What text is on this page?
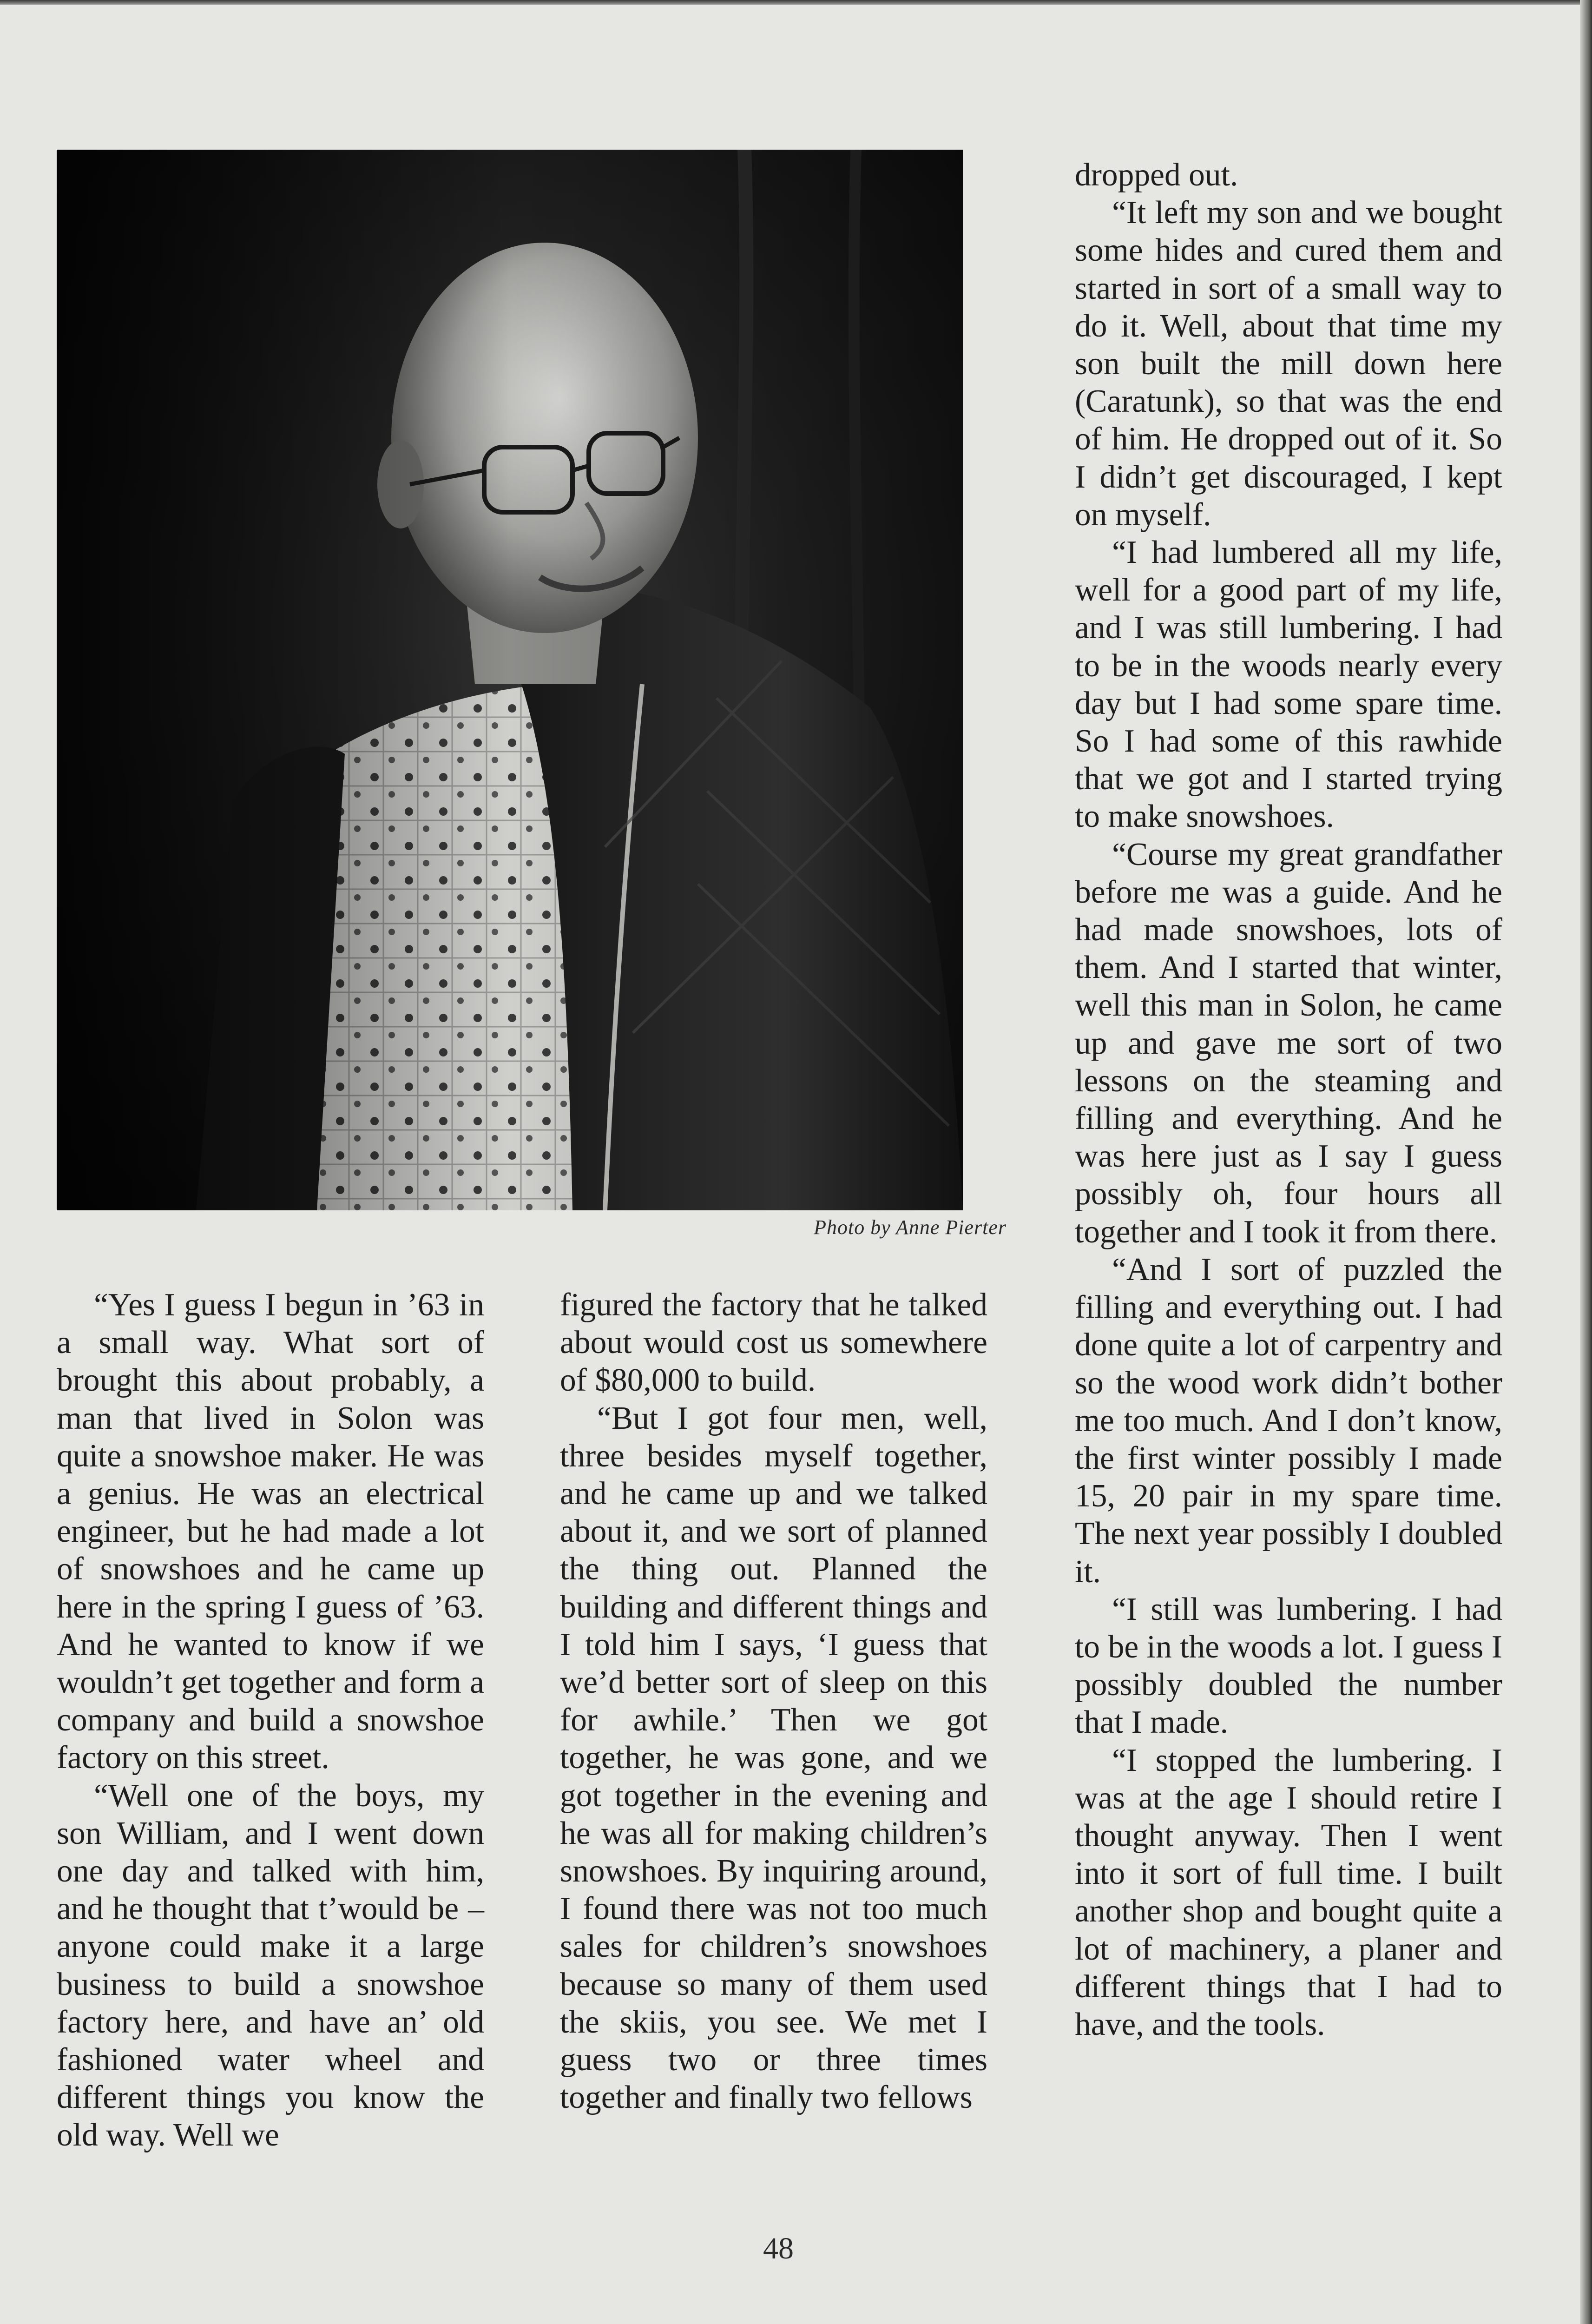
Photo by Anne Pierter

“Yes I guess I begun in ’63 in a small way. What sort of brought this about probably, a man that lived in Solon was quite a snowshoe maker. He was a genius. He was an electrical engineer, but he had made a lot of snowshoes and he came up here in the spring I guess of ’63. And he wanted to know if we wouldn’t get together and form a company and build a snowshoe factory on this street.

“Well one of the boys, my son William, and I went down one day and talked with him, and he thought that t’would be – anyone could make it a large business to build a snowshoe factory here, and have an’ old fashioned water wheel and different things you know the old way. Well we

figured the factory that he talked about would cost us somewhere of $80,000 to build.

“But I got four men, well, three besides myself together, and he came up and we talked about it, and we sort of planned the thing out. Planned the building and different things and I told him I says, ‘I guess that we’d better sort of sleep on this for awhile.’ Then we got together, he was gone, and we got together in the evening and he was all for making children’s snowshoes. By inquiring around, I found there was not too much sales for children’s snowshoes because so many of them used the skiis, you see. We met I guess two or three times together and finally two fellows

dropped out.

“It left my son and we bought some hides and cured them and started in sort of a small way to do it. Well, about that time my son built the mill down here (Caratunk), so that was the end of him. He dropped out of it. So I didn’t get discouraged, I kept on myself.

“I had lumbered all my life, well for a good part of my life, and I was still lumbering. I had to be in the woods nearly every day but I had some spare time. So I had some of this rawhide that we got and I started trying to make snowshoes.

“Course my great grandfather before me was a guide. And he had made snowshoes, lots of them. And I started that winter, well this man in Solon, he came up and gave me sort of two lessons on the steaming and filling and everything. And he was here just as I say I guess possibly oh, four hours all together and I took it from there.

“And I sort of puzzled the filling and everything out. I had done quite a lot of carpentry and so the wood work didn’t bother me too much. And I don’t know, the first winter possibly I made 15, 20 pair in my spare time. The next year possibly I doubled it.

“I still was lumbering. I had to be in the woods a lot. I guess I possibly doubled the number that I made.

“I stopped the lumbering. I was at the age I should retire I thought anyway. Then I went into it sort of full time. I built another shop and bought quite a lot of machinery, a planer and different things that I had to have, and the tools.

48
